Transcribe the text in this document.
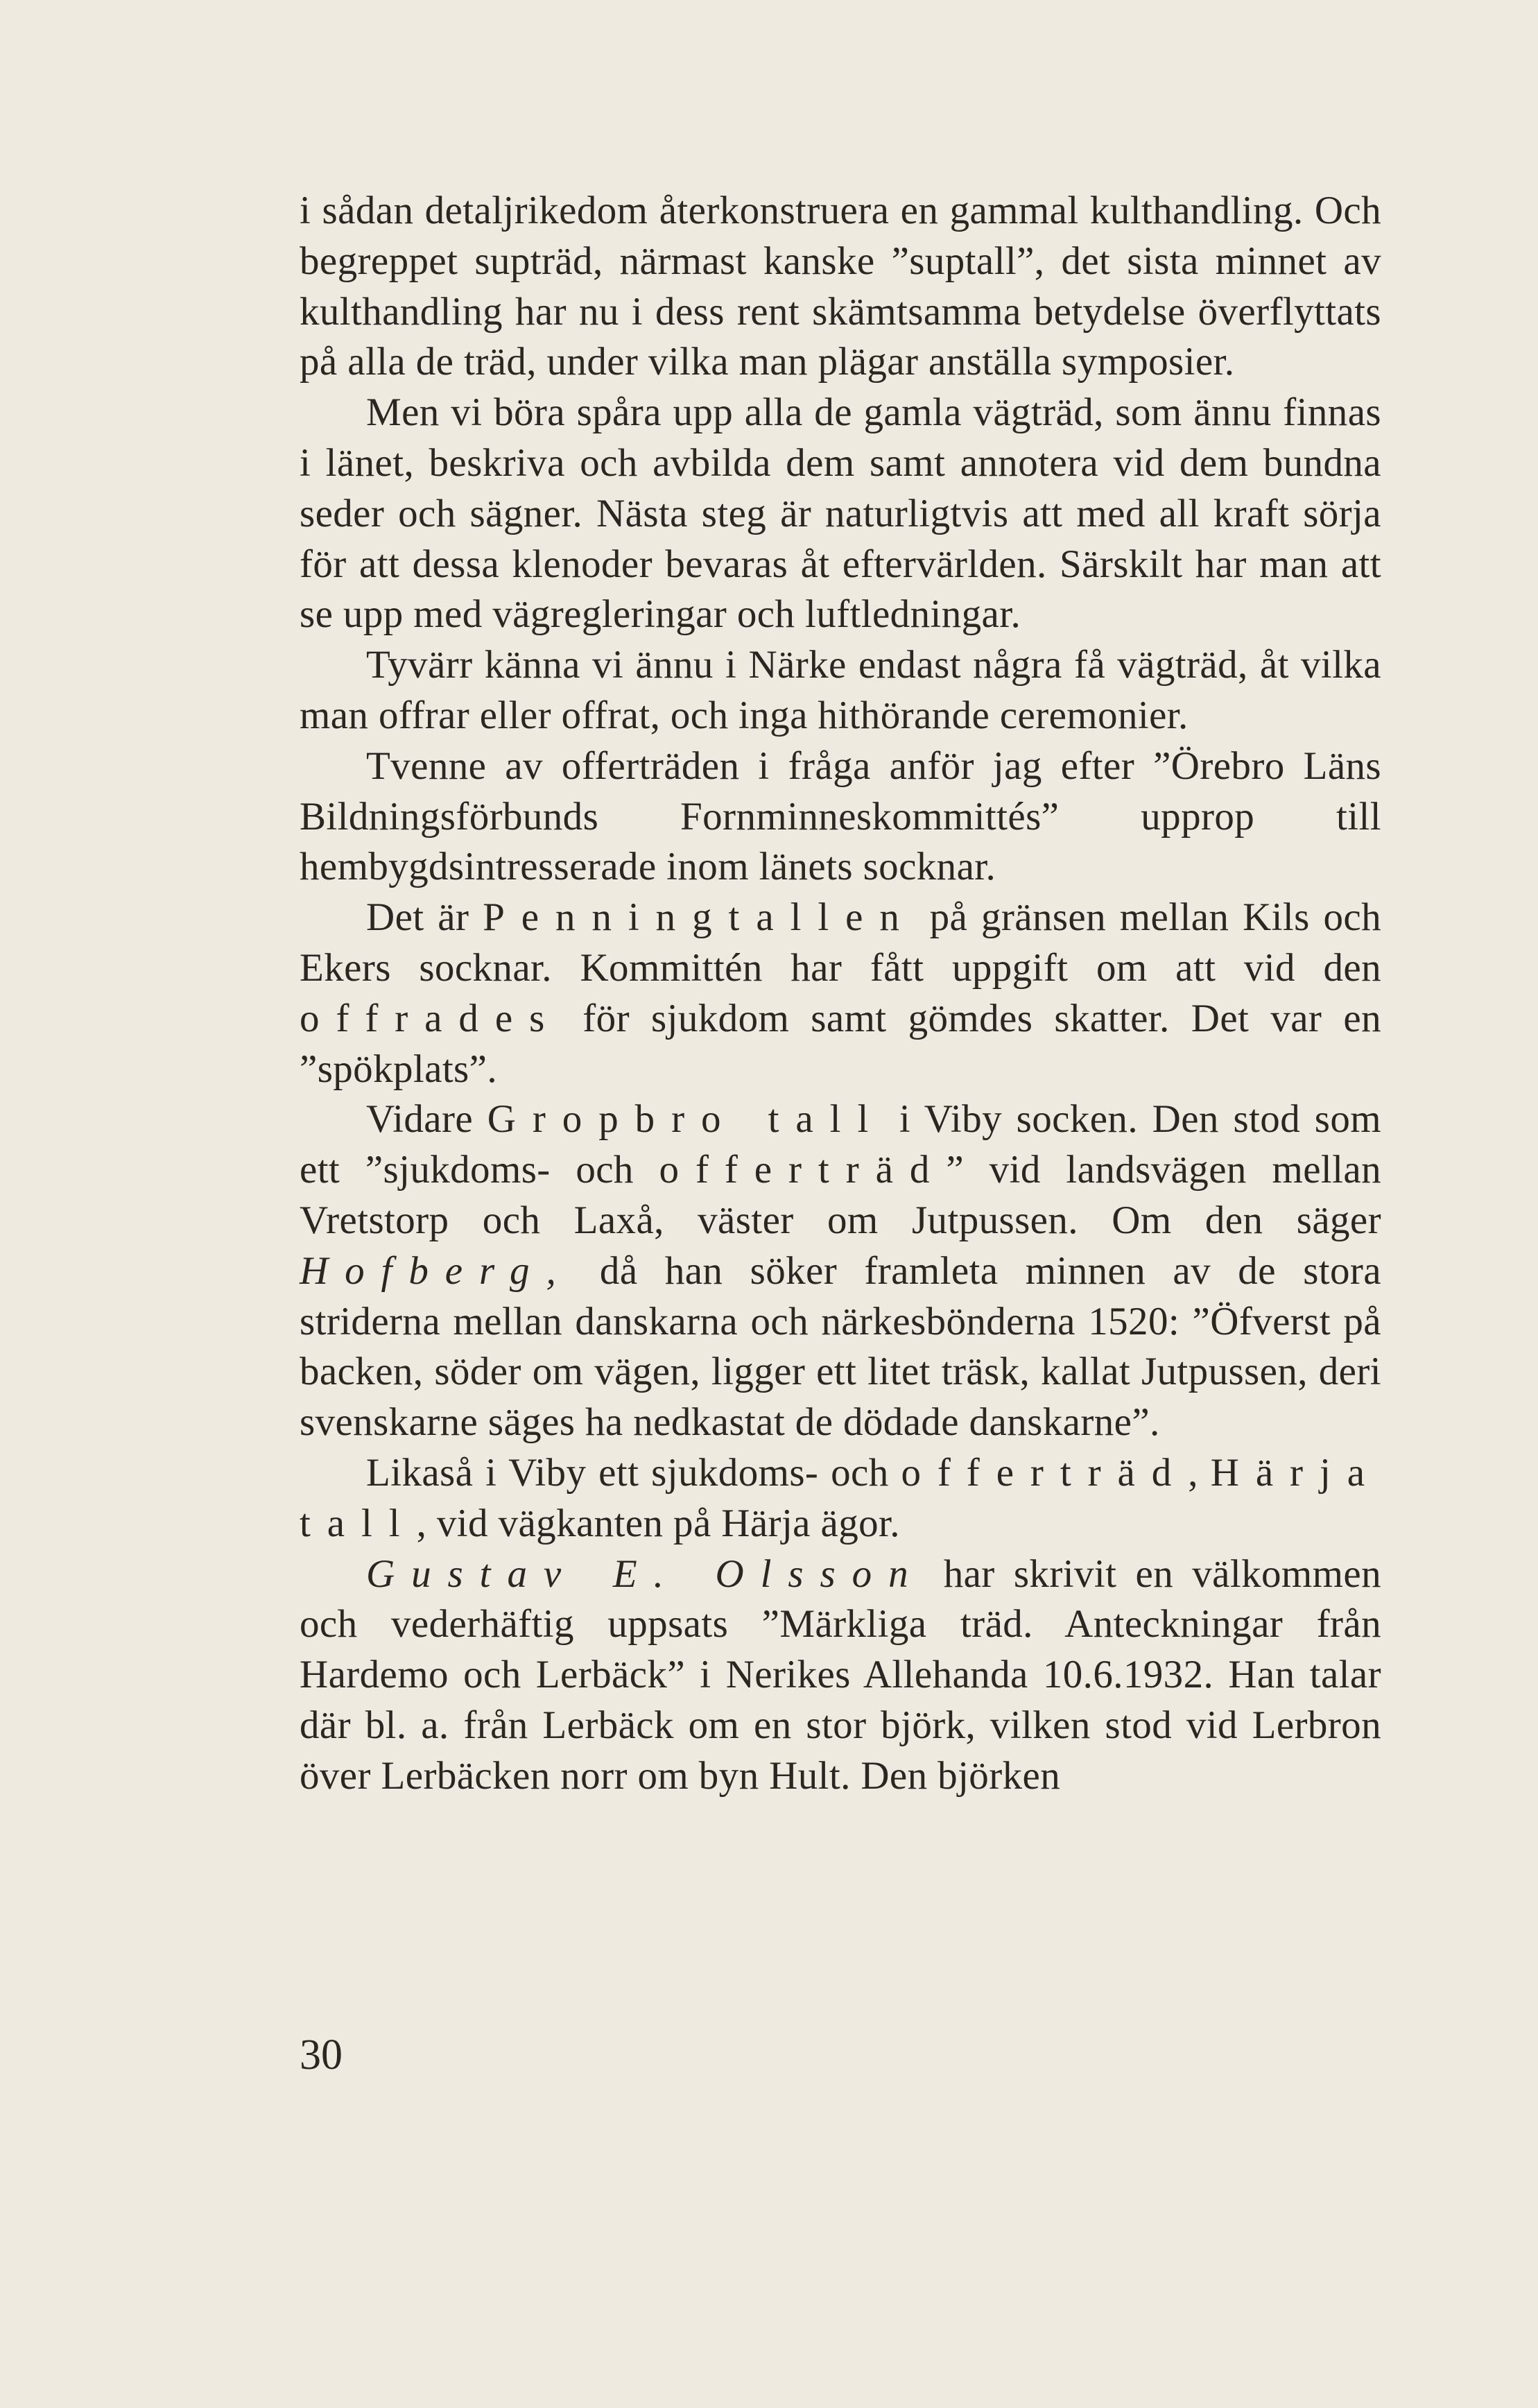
i sådan detaljrikedom återkonstruera en gammal kulthandling. Och begreppet supträd, närmast kanske ”suptall”, det sista minnet av kulthandling har nu i dess rent skämtsamma betydelse överflyttats på alla de träd, under vilka man plägar anställa symposier.

Men vi böra spåra upp alla de gamla vägträd, som ännu finnas i länet, beskriva och avbilda dem samt annotera vid dem bundna seder och sägner. Nästa steg är naturligtvis att med all kraft sörja för att dessa klenoder bevaras åt eftervärlden. Särskilt har man att se upp med vägregleringar och luftledningar.

Tyvärr känna vi ännu i Närke endast några få vägträd, åt vilka man offrar eller offrat, och inga hithörande ceremonier.

Tvenne av offerträden i fråga anför jag efter ”Örebro Läns Bildningsförbunds Fornminneskommittés” upprop till hembygdsintresserade inom länets socknar.

Det är Penningtallen på gränsen mellan Kils och Ekers socknar. Kommittén har fått uppgift om att vid den offrades för sjukdom samt gömdes skatter. Det var en ”spökplats”.

Vidare Gropbro tall i Viby socken. Den stod som ett ”sjukdoms- och offerträd” vid landsvägen mellan Vretstorp och Laxå, väster om Jutpussen. Om den säger Hofberg, då han söker framleta minnen av de stora striderna mellan danskarna och närkesbönderna 1520: ”Öfverst på backen, söder om vägen, ligger ett litet träsk, kallat Jutpussen, deri svenskarne säges ha nedkastat de dödade danskarne”.

Likaså i Viby ett sjukdoms- och offerträd, Härja tall, vid vägkanten på Härja ägor.

Gustav E. Olsson har skrivit en välkommen och vederhäftig uppsats ”Märkliga träd. Anteckningar från Hardemo och Lerbäck” i Nerikes Allehanda 10.6.1932. Han talar där bl. a. från Lerbäck om en stor björk, vilken stod vid Lerbron över Lerbäcken norr om byn Hult. Den björken

30
